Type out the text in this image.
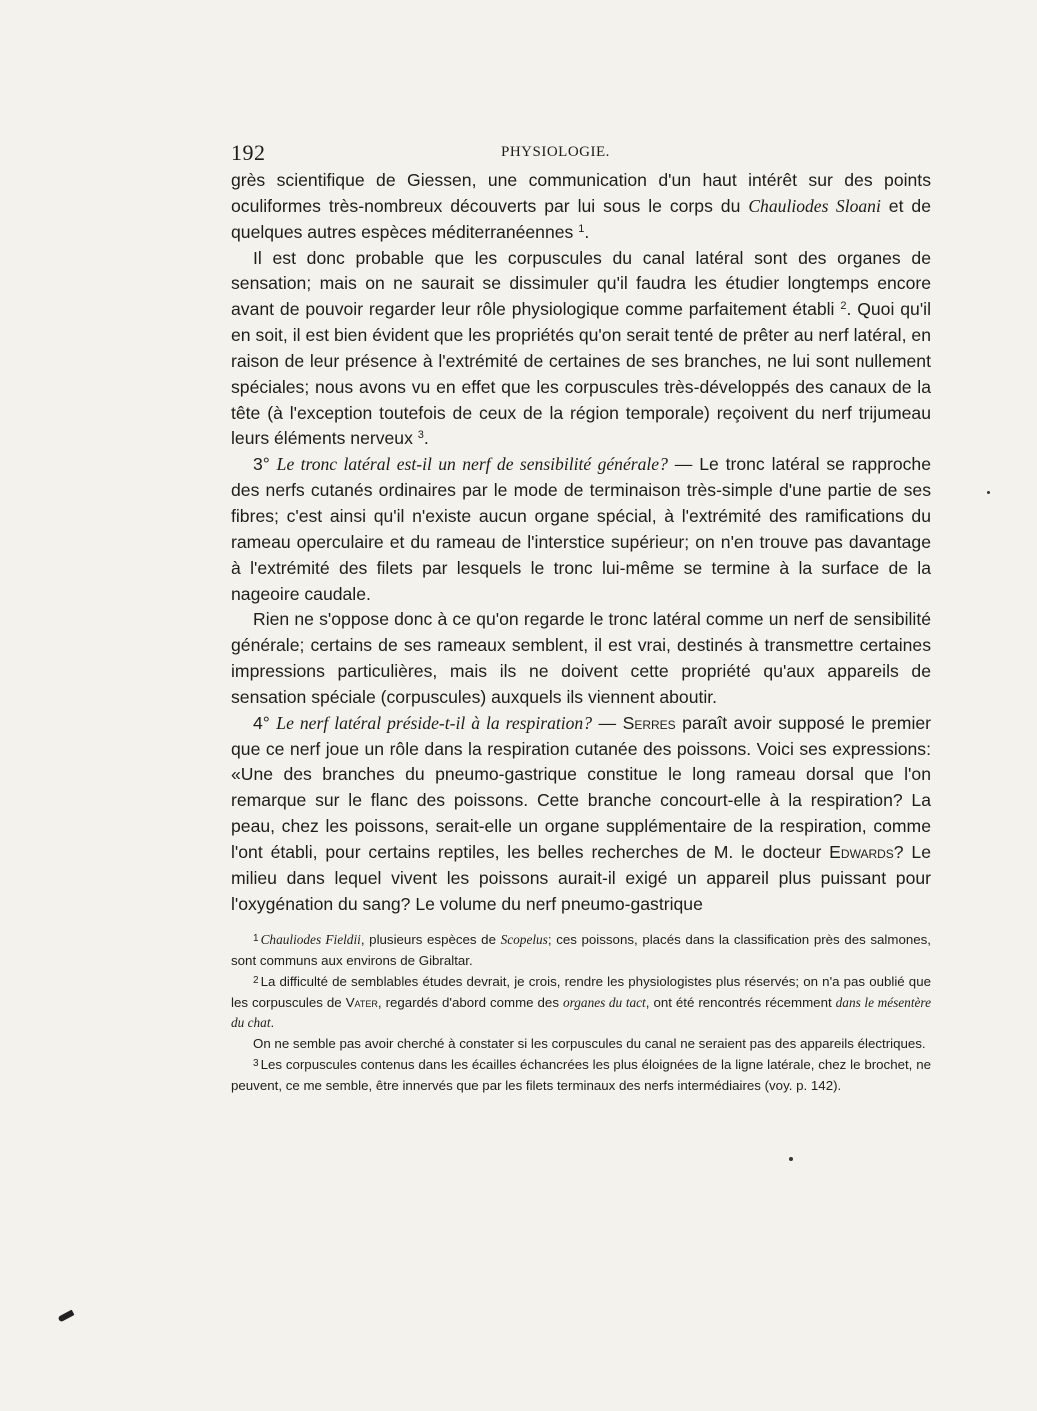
192	PHYSIOLOGIE.

grès scientifique de Giessen, une communication d'un haut intérêt sur des points oculiformes très-nombreux découverts par lui sous le corps du Chauliodes Sloani et de quelques autres espèces méditerranéennes $^1$.

Il est donc probable que les corpuscules du canal latéral sont des organes de sensation; mais on ne saurait se dissimuler qu'il faudra les étudier longtemps encore avant de pouvoir regarder leur rôle physiologique comme parfaitement établi $^2$. Quoi qu'il en soit, il est bien évident que les propriétés qu'on serait tenté de prêter au nerf latéral, en raison de leur présence à l'extrémité de certaines de ses branches, ne lui sont nullement spéciales; nous avons vu en effet que les corpuscules très-développés des canaux de la tête (à l'exception toutefois de ceux de la région temporale) reçoivent du nerf trijumeau leurs éléments nerveux $^3$.

3° Le tronc latéral est-il un nerf de sensibilité générale? — Le tronc latéral se rapproche des nerfs cutanés ordinaires par le mode de terminaison très-simple d'une partie de ses fibres; c'est ainsi qu'il n'existe aucun organe spécial, à l'extrémité des ramifications du rameau operculaire et du rameau de l'interstice supérieur; on n'en trouve pas davantage à l'extrémité des filets par lesquels le tronc lui-même se termine à la surface de la nageoire caudale.

Rien ne s'oppose donc à ce qu'on regarde le tronc latéral comme un nerf de sensibilité générale; certains de ses rameaux semblent, il est vrai, destinés à transmettre certaines impressions particulières, mais ils ne doivent cette propriété qu'aux appareils de sensation spéciale (corpuscules) auxquels ils viennent aboutir.

4° Le nerf latéral préside-t-il à la respiration? — Serres paraît avoir supposé le premier que ce nerf joue un rôle dans la respiration cutanée des poissons. Voici ses expressions: «Une des branches du pneumo-gastrique constitue le long rameau dorsal que l'on remarque sur le flanc des poissons. Cette branche concourt-elle à la respiration? La peau, chez les poissons, serait-elle un organe supplémentaire de la respiration, comme l'ont établi, pour certains reptiles, les belles recherches de M. le docteur Edwards? Le milieu dans lequel vivent les poissons aurait-il exigé un appareil plus puissant pour l'oxygénation du sang? Le volume du nerf pneumo-gastrique

$^1$ Chauliodes Fieldii, plusieurs espèces de Scopelus; ces poissons, placés dans la classification près des salmones, sont communs aux environs de Gibraltar.

$^2$ La difficulté de semblables études devrait, je crois, rendre les physiologistes plus réservés; on n'a pas oublié que les corpuscules de Vater, regardés d'abord comme des organes du tact, ont été rencontrés récemment dans le mésentère du chat.

On ne semble pas avoir cherché à constater si les corpuscules du canal ne seraient pas des appareils électriques.

$^3$ Les corpuscules contenus dans les écailles échancrées les plus éloignées de la ligne latérale, chez le brochet, ne peuvent, ce me semble, être innervés que par les filets terminaux des nerfs intermédiaires (voy. p. 142).
